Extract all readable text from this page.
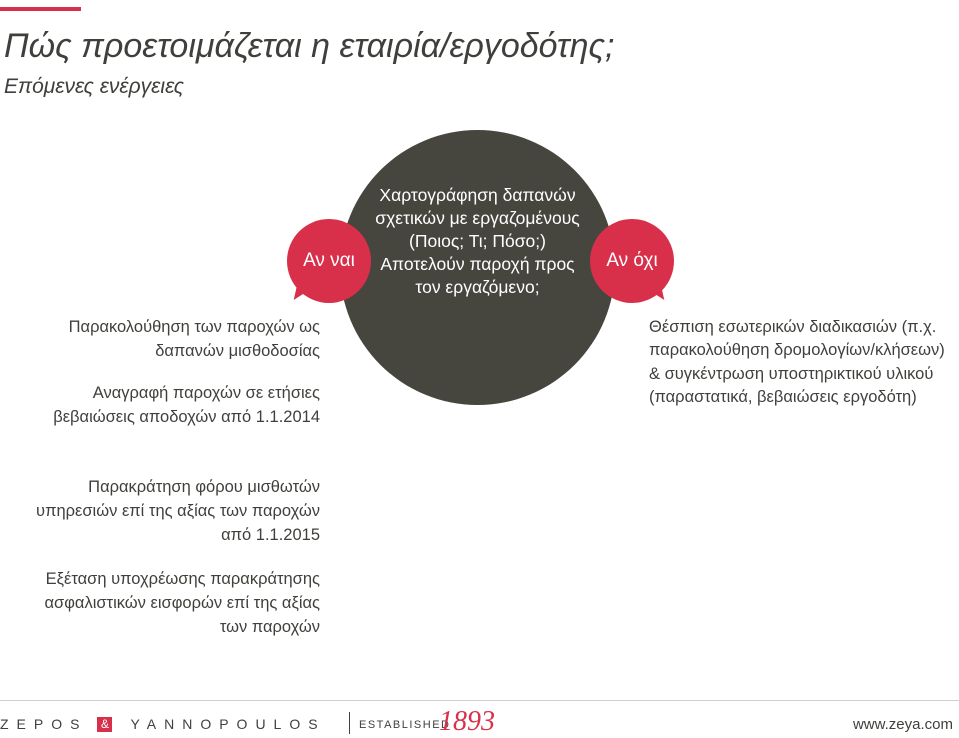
Πώς προετοιμάζεται η εταιρία/εργοδότης;

Επόμενες ενέργειες

Παρακολούθηση των παροχών ως δαπανών μισθοδοσίας

Αναγραφή παροχών σε ετήσιες βεβαιώσεις αποδοχών από 1.1.2014

Παρακράτηση φόρου μισθωτών υπηρεσιών επί της αξίας των παροχών από 1.1.2015

Εξέταση υποχρέωσης παρακράτησης ασφαλιστικών εισφορών επί της αξίας των παροχών

Χαρτογράφηση δαπανών σχετικών με εργαζομένους (Ποιος; Τι; Πόσο;) Αποτελούν παροχή προς τον εργαζόμενο;

Αν ναι	Αν όχι

Θέσπιση εσωτερικών διαδικασιών (π.χ. παρακολούθηση δρομολογίων/κλήσεων) & συγκέντρωση υποστηρικτικού υλικού (παραστατικά, βεβαιώσεις εργοδότη)

ZEPOS & YANNOPOULOS	ESTABLISHED
1893	www.zeya.com
